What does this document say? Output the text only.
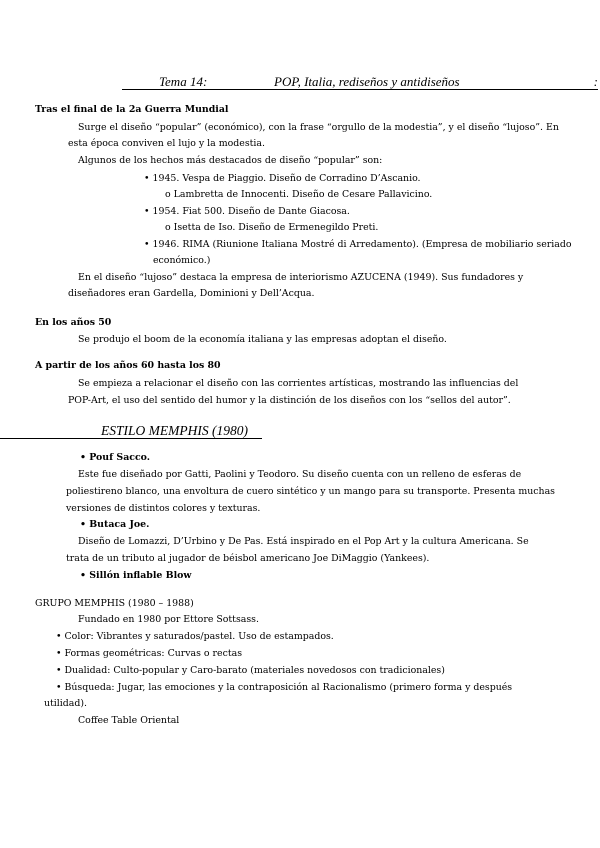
Tema 14:	POP, Italia, rediseños y antidiseños	:
Tras el final de la 2a Guerra Mundial
Surge el diseño “popular” (económico), con la frase “orgullo de la modestia”, y el diseño “lujoso”. En
esta época conviven el lujo y la modestia.
Algunos de los hechos más destacados de diseño “popular” son:
• 1945. Vespa de Piaggio. Diseño de Corradino D’Ascanio.
o Lambretta de Innocenti. Diseño de Cesare Pallavicino.
• 1954. Fiat 500. Diseño de Dante Giacosa.
o Isetta de Iso. Diseño de Ermenegildo Preti.
• 1946. RIMA (Riunione Italiana Mostré di Arredamento). (Empresa de mobiliario seriado
económico.)
En el diseño “lujoso” destaca la empresa de interiorismo AZUCENA (1949). Sus fundadores y
diseñadores eran Gardella, Dominioni y Dell’Acqua.
En los años 50
Se produjo el boom de la economía italiana y las empresas adoptan el diseño.
A partir de los años 60 hasta los 80
Se empieza a relacionar el diseño con las corrientes artísticas, mostrando las influencias del
POP-Art, el uso del sentido del humor y la distinción de los diseños con los “sellos del autor”.
ESTILO MEMPHIS (1980)
• Pouf Sacco.
Este fue diseñado por Gatti, Paolini y Teodoro. Su diseño cuenta con un relleno de esferas de
poliestireno blanco, una envoltura de cuero sintético y un mango para su transporte. Presenta muchas
versiones de distintos colores y texturas.
• Butaca Joe.
Diseño de Lomazzi, D’Urbino y De Pas. Está inspirado en el Pop Art y la cultura Americana. Se
trata de un tributo al jugador de béisbol americano Joe DiMaggio (Yankees).
• Sillón inflable Blow
GRUPO MEMPHIS (1980 – 1988)
Fundado en 1980 por Ettore Sottsass.
• Color: Vibrantes y saturados/pastel. Uso de estampados.
• Formas geométricas: Curvas o rectas
• Dualidad: Culto-popular y Caro-barato (materiales novedosos con tradicionales)
• Búsqueda: Jugar, las emociones y la contraposición al Racionalismo (primero forma y después
utilidad).
Coffee Table Oriental
